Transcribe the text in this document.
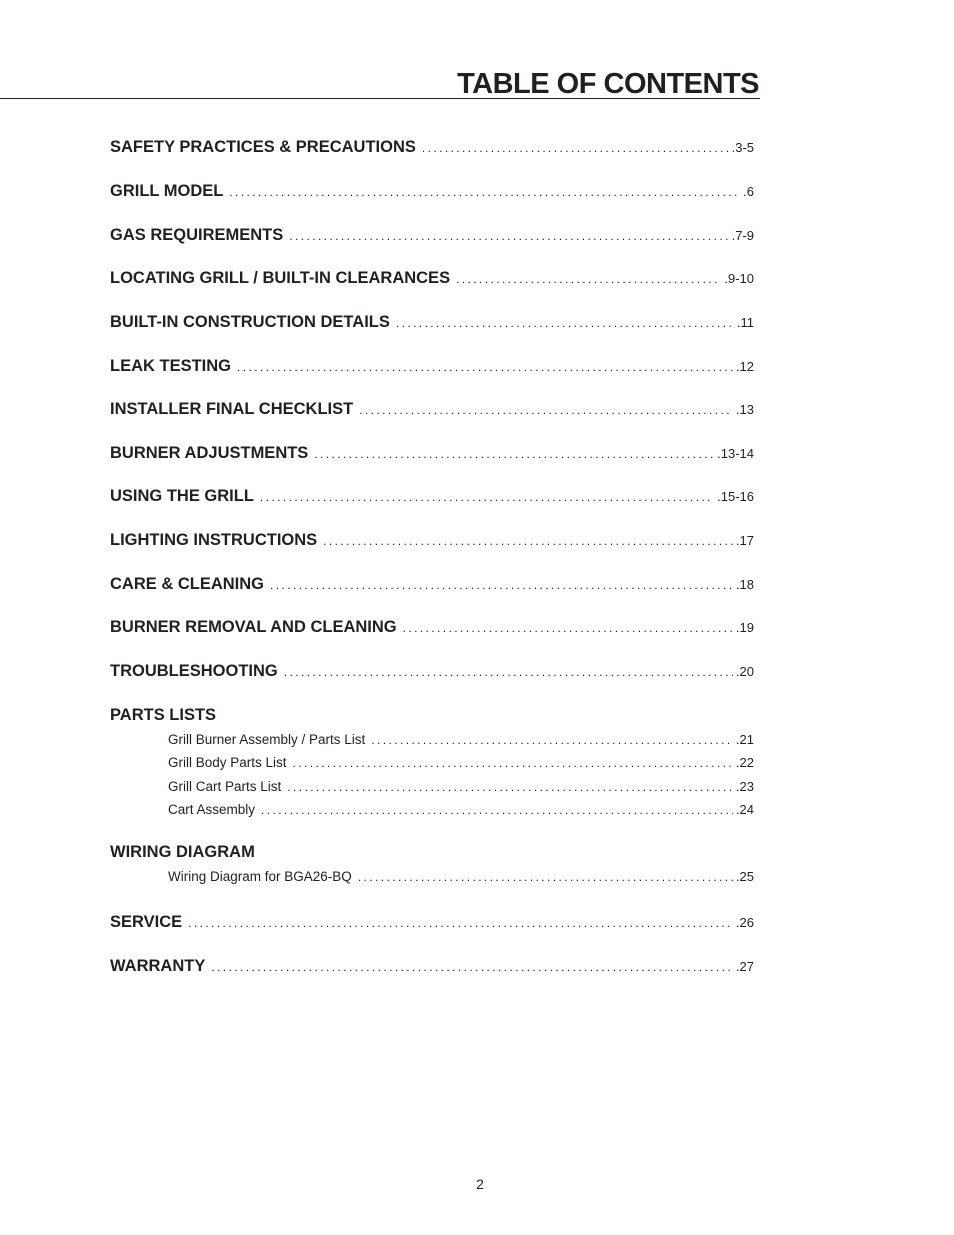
TABLE OF CONTENTS
SAFETY PRACTICES & PRECAUTIONS .....	.3-5
GRILL MODEL .....	.6
GAS REQUIREMENTS .....	.7-9
LOCATING GRILL / BUILT-IN CLEARANCES .....	.9-10
BUILT-IN CONSTRUCTION DETAILS .....	.11
LEAK TESTING .....	.12
INSTALLER FINAL CHECKLIST .....	.13
BURNER ADJUSTMENTS .....	.13-14
USING THE GRILL .....	.15-16
LIGHTING INSTRUCTIONS .....	.17
CARE & CLEANING .....	.18
BURNER REMOVAL AND CLEANING .....	.19
TROUBLESHOOTING .....	.20
PARTS LISTS
Grill Burner Assembly / Parts List .....	.21
Grill Body Parts List .....	.22
Grill Cart Parts List .....	.23
Cart Assembly .....	.24
WIRING DIAGRAM
Wiring Diagram for BGA26-BQ .....	.25
SERVICE .....	.26
WARRANTY .....	.27
2
